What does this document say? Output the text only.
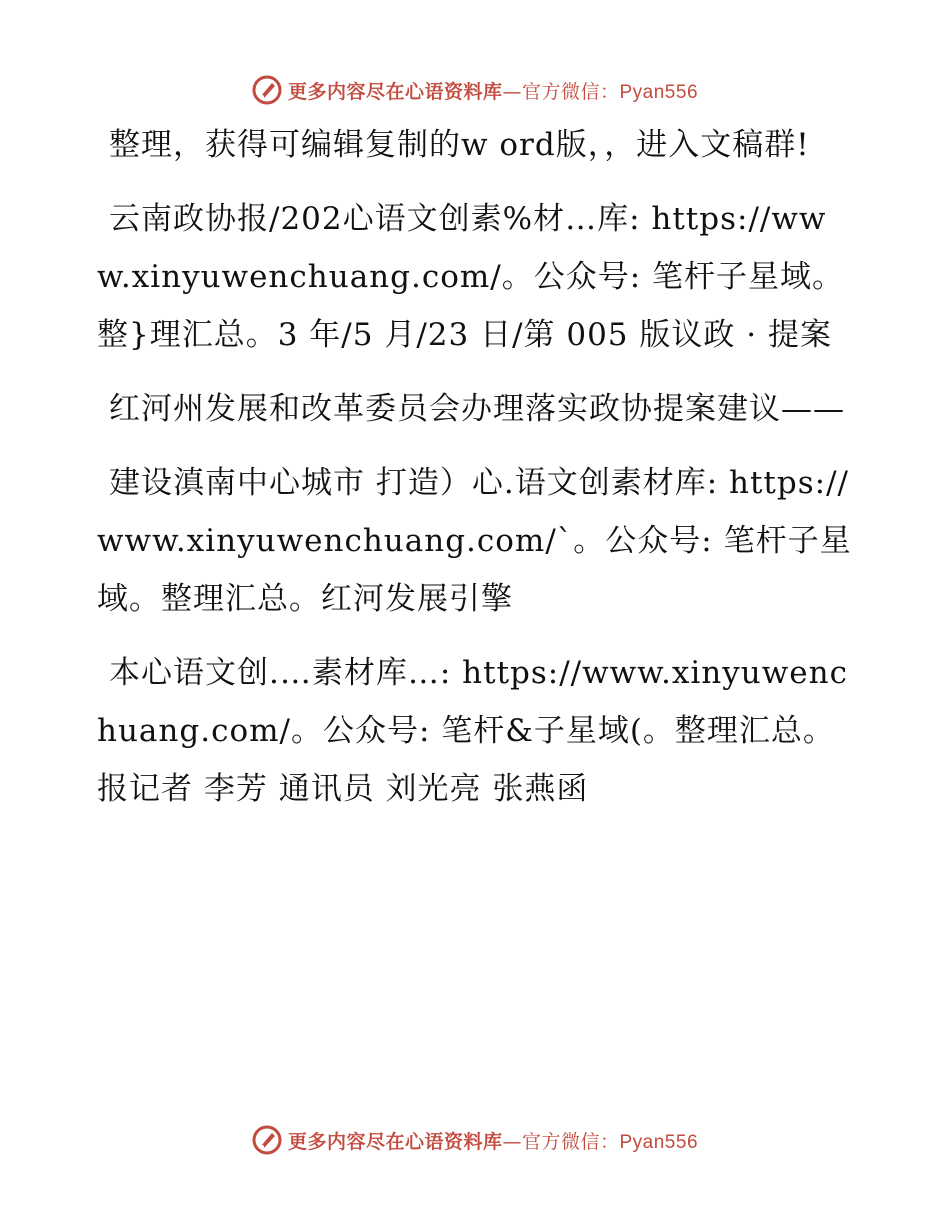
更多内容尽在心语资料库—官方微信：Pyan556

整理，获得可编辑复制的w ord版，，进入文稿群!

云南政协报/202心语文创素%材…库: https://www.xinyuwenchuang.com/。公众号: 笔杆子星域。整}理汇总。3 年/5 月/23 日/第 005 版议政 · 提案

红河州发展和改革委员会办理落实政协提案建议——

建设滇南中心城市 打造）心.语文创素材库: https://www.xinyuwenchuang.com/`。公众号: 笔杆子星域。整理汇总。红河发展引擎

本心语文创.…素材库…: https://www.xinyuwenchuang.com/。公众号: 笔杆&子星域(。整理汇总。报记者 李芳 通讯员 刘光亮 张燕函

更多内容尽在心语资料库—官方微信：Pyan556
